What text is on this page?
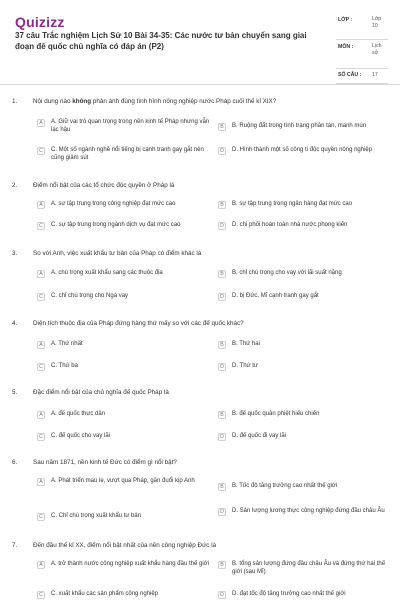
Quizizz
37 câu Trắc nghiệm Lịch Sử 10 Bài 34-35: Các nước tư bản chuyển sang giai đoạn đế quốc chủ nghĩa có đáp án (P2)
LỚP :	Lớp 10
MÔN :	Lịch sử
SỐ CÂU : 17
1. Nội dung nào không phản ánh đúng tình hình nông nghiệp nước Pháp cuối thế kỉ XIX?
A	A. Giữ vai trò quan trọng trong nền kinh tế Pháp nhưng vẫn lạc hậu	B	B. Ruộng đất trong tình trạng phân tán, manh mún
C	C. Một số ngành nghề nổi tiếng bị cạnh tranh gay gắt nên cũng giảm sút
D	D. Hình thành một số công ti độc quyền nông nghiệp
2. Điểm nổi bật của các tổ chức độc quyền ở Pháp là
A	A. sự tập trung trong công nghiệp đạt mức cao	B	B. sự tập trung trong ngân hàng đạt mức cao
C	C. sự tập trung trong ngành dịch vụ đạt mức cao	D	D. chi phối hoàn toàn nhà nước phong kiến
3. So với Anh, việc xuất khẩu tư bản của Pháp có điểm khác là
A	A. chú trọng xuất khẩu sang các thuộc địa	B	B. chỉ chú trọng cho vay với lãi suất nặng
C	C. chỉ chú trọng cho Nga vay	D	D. bị Đức, Mĩ cạnh tranh gay gắt
4. Diện tích thuộc địa của Pháp đứng hàng thứ mấy so với các đế quốc khác?
A	A. Thứ nhất	B	B. Thứ hai
C	C. Thứ ba	D	D. Thứ tư
5. Đặc điểm nổi bật của chủ nghĩa đế quốc Pháp là
A	A. đế quốc thực dân	B	B. đế quốc quân phiệt hiếu chiến
C	C. đế quốc cho vay lãi	D	D. đế quốc đi vay lãi
6. Sau năm 1871, nền kinh tế Đức có điểm gì nổi bật?
A	A. Phát triển mau lẹ, vượt qua Pháp, gần đuổi kịp Anh
B	B. Tốc độ tăng trưởng cao nhất thế giới
C	C. Chỉ chú trọng xuất khẩu tư bản
D	D. Sản lượng lương thực công nghiệp đứng đầu châu Âu
7. Đến đầu thế kỉ XX, điểm nổi bật nhất của nền công nghiệp Đức là
A	A. trở thành nước công nghiệp xuất khẩu hàng đầu thế giới	B	B. tổng sản lượng đứng đầu châu Âu và đứng thứ hai thế giới (sau Mĩ)
C	C. xuất khẩu các sản phẩm công nghiệp	D	D. đạt tốc độ tăng trưởng cao nhất thế giới
